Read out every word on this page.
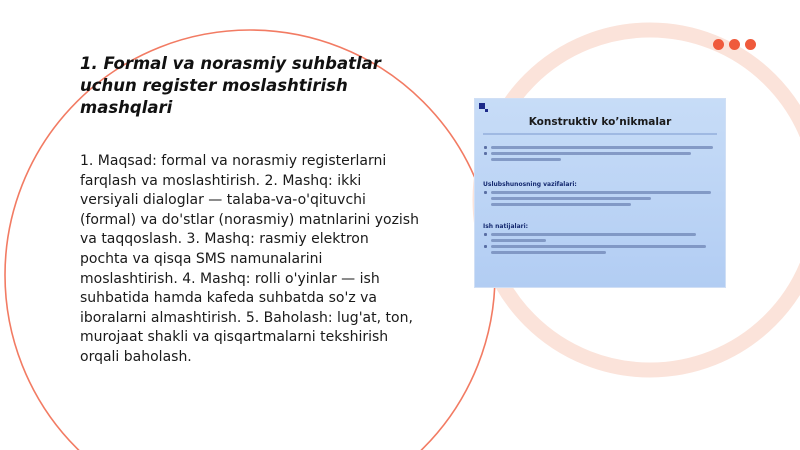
1. Formal va norasmiy suhbatlar uchun register moslashtirish mashqlari

1. Maqsad: formal va norasmiy registerlarni farqlash va moslashtirish. 2. Mashq: ikki versiyali dialoglar — talaba-va-o'qituvchi (formal) va do'stlar (norasmiy) matnlarini yozish va taqqoslash. 3. Mashq: rasmiy elektron pochta va qisqa SMS namunalarini moslashtirish. 4. Mashq: rolli o'yinlar — ish suhbatida hamda kafeda suhbatda so'z va iboralarni almashtirish. 5. Baholash: lug'at, ton, murojaat shakli va qisqartmalarni tekshirish orqali baholash.

Konstruktiv ko’nikmalar
Uslubshunosning vazifalari:
Ish natijalari:
